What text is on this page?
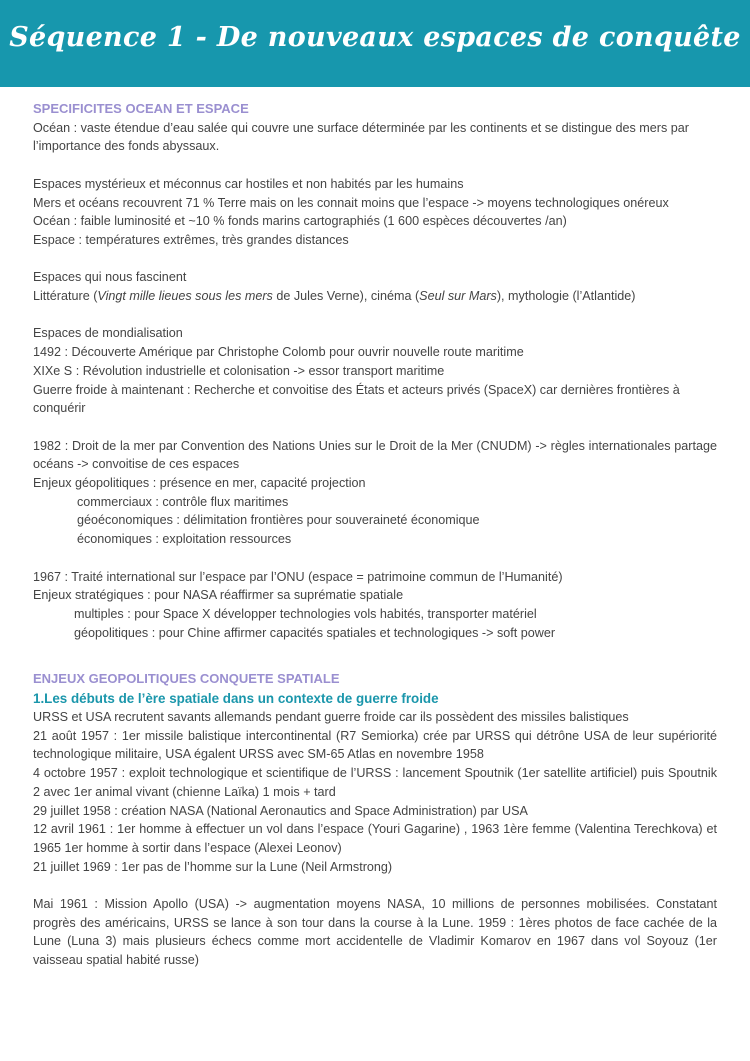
Séquence 1 - De nouveaux espaces de conquête

SPECIFICITES OCEAN ET ESPACE

Océan : vaste étendue d’eau salée qui couvre une surface déterminée par les continents et se distingue des mers par l’importance des fonds abyssaux.

Espaces mystérieux et méconnus car hostiles et non habités par les humains

Mers et océans recouvrent 71 % Terre mais on les connait moins que l’espace -> moyens technologiques onéreux

Océan : faible luminosité et ~10 % fonds marins cartographiés (1 600 espèces découvertes /an)

Espace : températures extrêmes, très grandes distances

Espaces qui nous fascinent

Littérature (Vingt mille lieues sous les mers de Jules Verne), cinéma (Seul sur Mars), mythologie (l’Atlantide)

Espaces de mondialisation

1492 : Découverte Amérique par Christophe Colomb pour ouvrir nouvelle route maritime

XIXe S : Révolution industrielle et colonisation -> essor transport maritime

Guerre froide à maintenant : Recherche et convoitise des États et acteurs privés (SpaceX) car dernières frontières à conquérir

1982 : Droit de la mer par Convention des Nations Unies sur le Droit de la Mer (CNUDM) -> règles internationales partage océans -> convoitise de ces espaces

Enjeux géopolitiques : présence en mer, capacité projection

commerciaux : contrôle flux maritimes

géoéconomiques : délimitation frontières pour souveraineté économique

économiques : exploitation ressources

1967 : Traité international sur l’espace par l’ONU (espace = patrimoine commun de l’Humanité)

Enjeux stratégiques : pour NASA réaffirmer sa suprématie spatiale

multiples : pour Space X développer technologies vols habités, transporter matériel

géopolitiques : pour Chine affirmer capacités spatiales et technologiques -> soft power

ENJEUX GEOPOLITIQUES CONQUETE SPATIALE

1.Les débuts de l’ère spatiale dans un contexte de guerre froide

URSS et USA recrutent savants allemands pendant guerre froide car ils possèdent des missiles balistiques

21 août 1957 : 1er missile balistique intercontinental (R7 Semiorka) crée par URSS qui détrône USA de leur supériorité technologique militaire, USA égalent URSS avec SM-65 Atlas en novembre 1958

4 octobre 1957 : exploit technologique et scientifique de l’URSS : lancement Spoutnik (1er satellite artificiel) puis Spoutnik 2 avec 1er animal vivant (chienne Laïka) 1 mois + tard

29 juillet 1958 : création NASA (National Aeronautics and Space Administration) par USA

12 avril 1961 : 1er homme à effectuer un vol dans l’espace (Youri Gagarine) , 1963 1ère femme (Valentina Terechkova) et 1965 1er homme à sortir dans l’espace (Alexei Leonov)

21 juillet 1969 : 1er pas de l’homme sur la Lune (Neil Armstrong)

Mai 1961 : Mission Apollo (USA) -> augmentation moyens NASA, 10 millions de personnes mobilisées. Constatant progrès des américains, URSS se lance à son tour dans la course à la Lune. 1959 : 1ères photos de face cachée de la Lune (Luna 3) mais plusieurs échecs comme mort accidentelle de Vladimir Komarov en 1967 dans vol Soyouz (1er vaisseau spatial habité russe)
